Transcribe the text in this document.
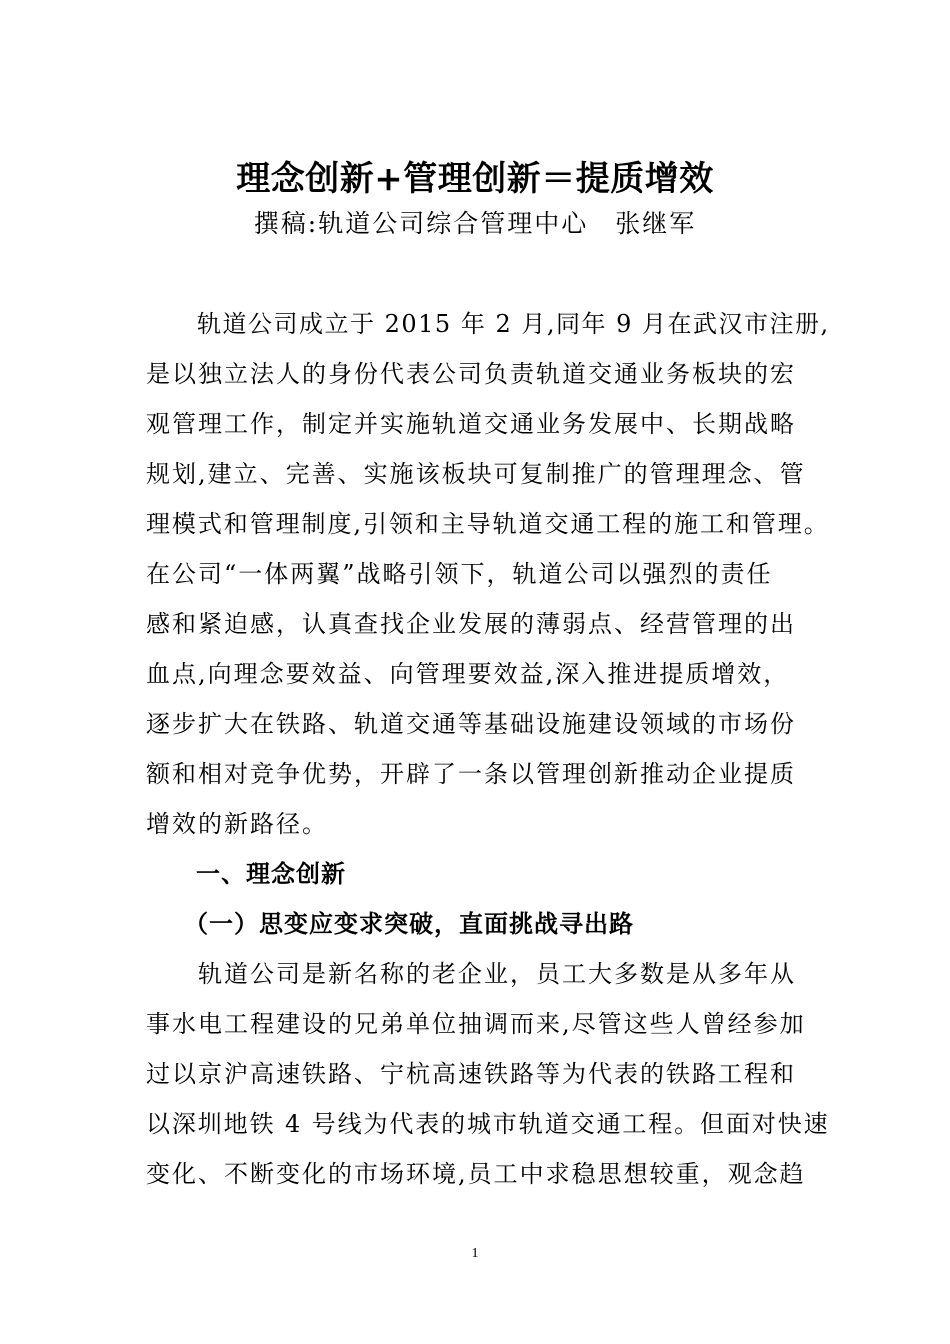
理念创新+管理创新＝提质增效
撰稿:轨道公司综合管理中心　张继军
　　轨道公司成立于 2015 年 2 月,同年 9 月在武汉市注册,
是以独立法人的身份代表公司负责轨道交通业务板块的宏
观管理工作，制定并实施轨道交通业务发展中、长期战略
规划,建立、完善、实施该板块可复制推广的管理理念、管
理模式和管理制度,引领和主导轨道交通工程的施工和管理。
在公司“一体两翼”战略引领下，轨道公司以强烈的责任
感和紧迫感，认真查找企业发展的薄弱点、经营管理的出
血点,向理念要效益、向管理要效益,深入推进提质增效，
逐步扩大在铁路、轨道交通等基础设施建设领域的市场份
额和相对竞争优势，开辟了一条以管理创新推动企业提质
增效的新路径。
　　一、理念创新
　　（一）思变应变求突破，直面挑战寻出路
　　轨道公司是新名称的老企业，员工大多数是从多年从
事水电工程建设的兄弟单位抽调而来,尽管这些人曾经参加
过以京沪高速铁路、宁杭高速铁路等为代表的铁路工程和
以深圳地铁 4 号线为代表的城市轨道交通工程。但面对快速
变化、不断变化的市场环境,员工中求稳思想较重，观念趋
1
